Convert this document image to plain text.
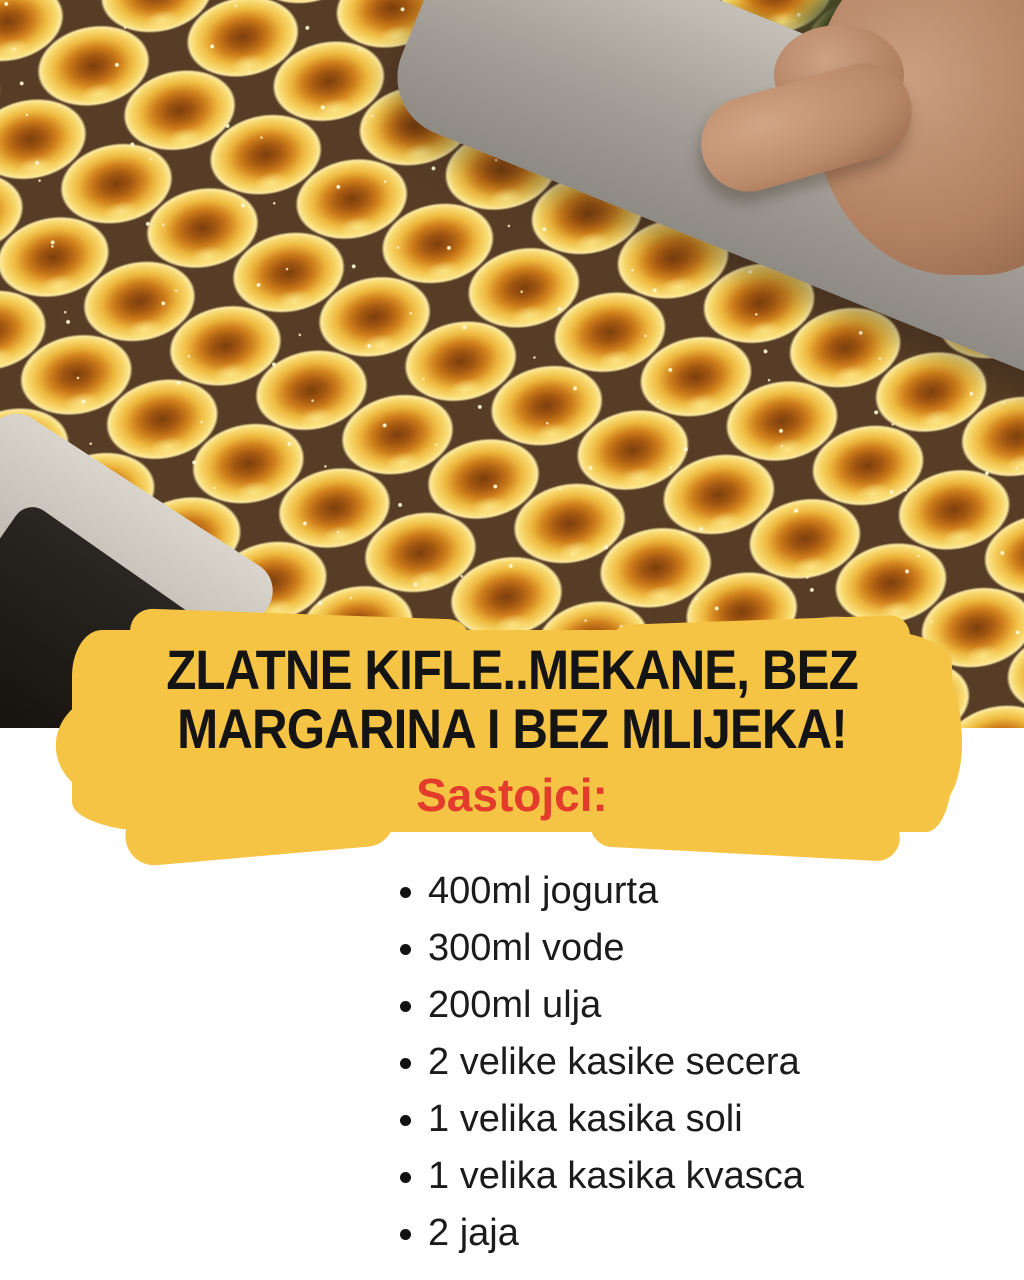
ZLATNE KIFLE..MEKANE, BEZ
MARGARINA I BEZ MLIJEKA!
Sastojci:
400ml jogurta
300ml vode
200ml ulja
2 velike kasike secera
1 velika kasika soli
1 velika kasika kvasca
2 jaja
